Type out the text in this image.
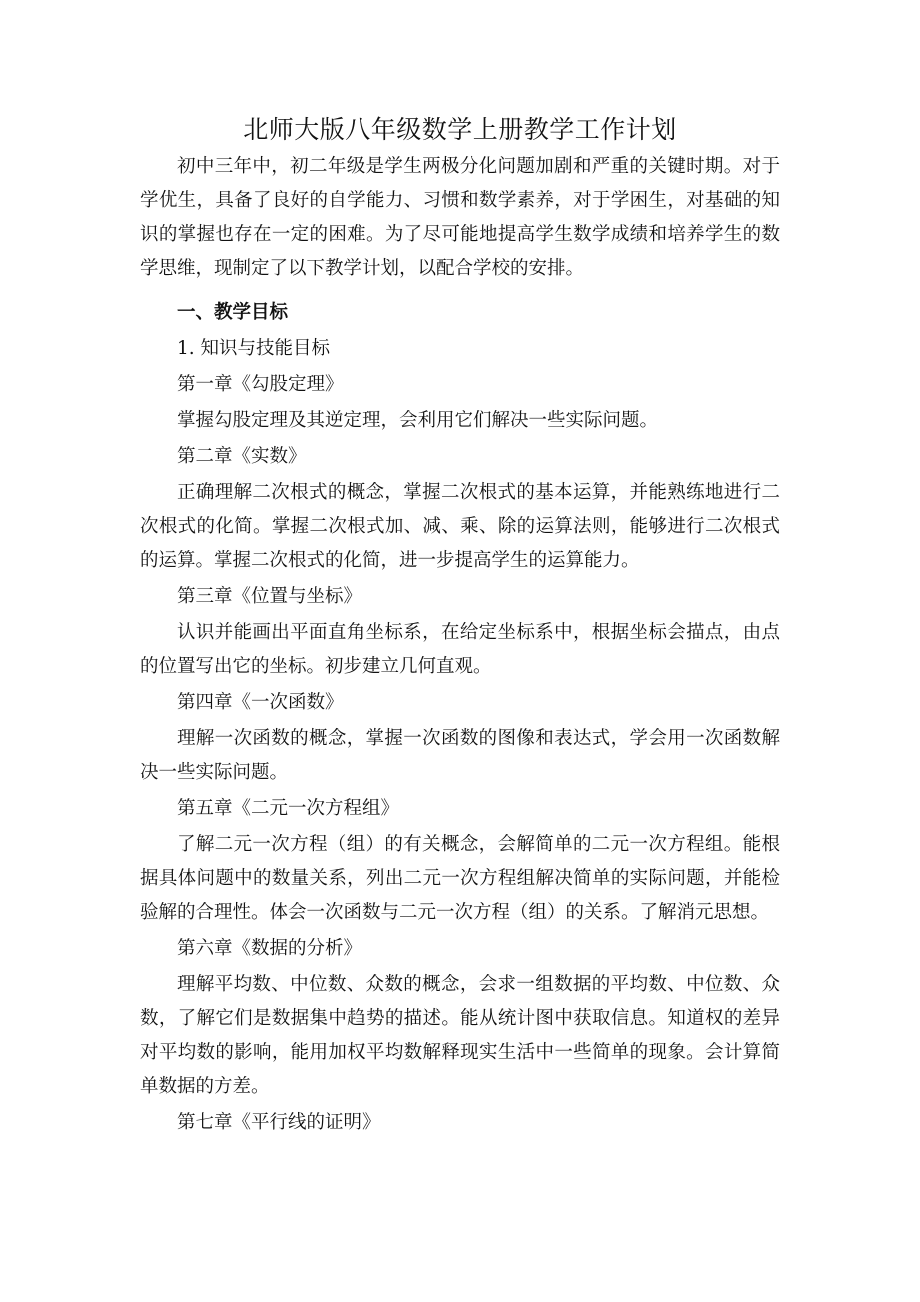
北师大版八年级数学上册教学工作计划

初中三年中，初二年级是学生两极分化问题加剧和严重的关键时期。对于学优生，具备了良好的自学能力、习惯和数学素养，对于学困生，对基础的知识的掌握也存在一定的困难。为了尽可能地提高学生数学成绩和培养学生的数学思维，现制定了以下教学计划，以配合学校的安排。

一、教学目标

1. 知识与技能目标

第一章《勾股定理》

掌握勾股定理及其逆定理，会利用它们解决一些实际问题。

第二章《实数》

正确理解二次根式的概念，掌握二次根式的基本运算，并能熟练地进行二次根式的化简。掌握二次根式加、减、乘、除的运算法则，能够进行二次根式的运算。掌握二次根式的化简，进一步提高学生的运算能力。

第三章《位置与坐标》

认识并能画出平面直角坐标系，在给定坐标系中，根据坐标会描点，由点的位置写出它的坐标。初步建立几何直观。

第四章《一次函数》

理解一次函数的概念，掌握一次函数的图像和表达式，学会用一次函数解决一些实际问题。

第五章《二元一次方程组》

了解二元一次方程（组）的有关概念，会解简单的二元一次方程组。能根据具体问题中的数量关系，列出二元一次方程组解决简单的实际问题，并能检验解的合理性。体会一次函数与二元一次方程（组）的关系。了解消元思想。

第六章《数据的分析》

理解平均数、中位数、众数的概念，会求一组数据的平均数、中位数、众数，了解它们是数据集中趋势的描述。能从统计图中获取信息。知道权的差异对平均数的影响，能用加权平均数解释现实生活中一些简单的现象。会计算简单数据的方差。

第七章《平行线的证明》
